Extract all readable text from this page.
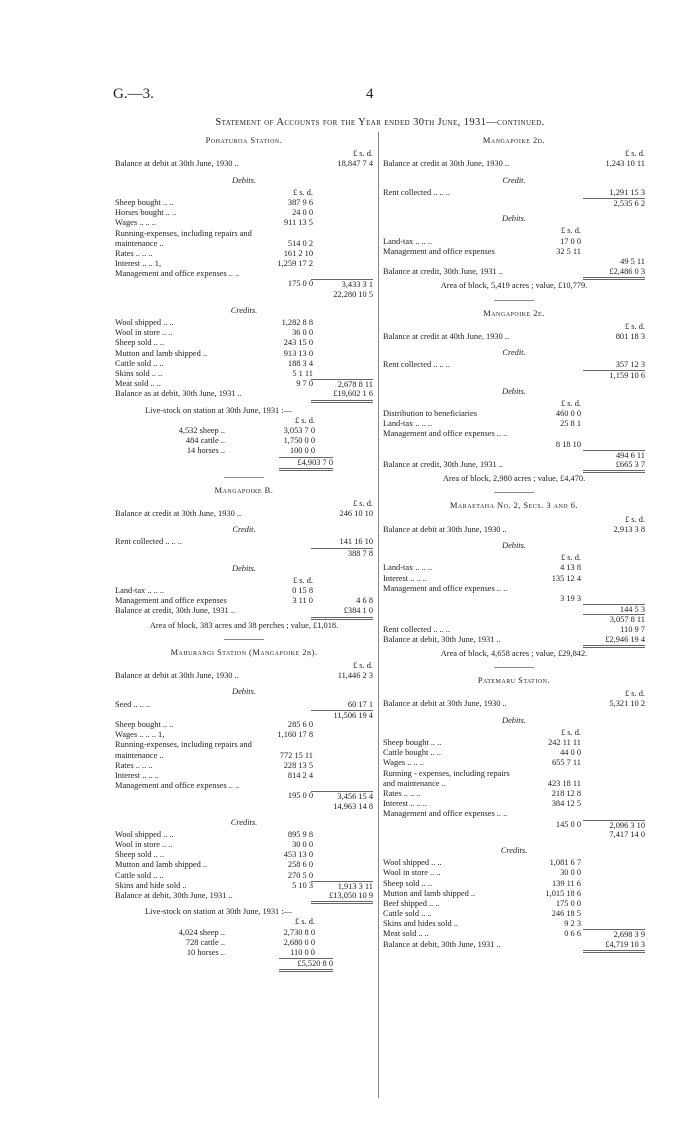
G.—3.	4
Statement of Accounts for the Year ended 30th June, 1931—continued.
Pohaturoa Station.
£ s. d.
Balance at debit at 30th June, 1930 ..	18,847 7 4
Debits.
£ s. d.
Sheep bought .. ..	387 9 6
Horses bought .. ..	24 0 0
Wages .. .. ..	911 13 5
Running-expenses, including repairs and maintenance ..	514 0 2
Rates .. .. ..	161 2 10
Interest .. .. 1,	1,259 17 2
Management and office expenses .. ..
175 0 0	3,433 3 1
22,280 10 5
Credits.
Wool shipped .. ..	1,282 8 8
Wool in store .. ..	36 0 0
Sheep sold .. ..	243 15 0
Mutton and lamb shipped ..	913 13 0
Cattle sold .. ..	188 3 4
Skins sold .. ..	5 1 11
Meat sold .. ..	9 7 0	2,678 8 11
Balance as at debit, 30th June, 1931 ..	£19,602 1 6
Live-stock on station at 30th June, 1931 :—
£ s. d.
4,532 sheep ..	3,053 7 0
484 cattle ..	1,750 0 0
14 horses ..	100 0 0
£4,903 7 0
Mangapoike B.
£ s. d.
Balance at credit at 30th June, 1930 ..	246 10 10
Credit.
Rent collected .. .. ..	141 16 10
388 7 8
Debits.
£ s. d.
Land-tax .. .. ..	0 15 8
Management and office expenses	3 11 0	4 6 8
Balance at credit, 30th June, 1931 ..	£384 1 0
Area of block, 383 acres and 38 perches ; value, £1,018.
Mahurangi Station (Mangapoike 2b).
£ s. d.
Balance at debit at 30th June, 1930 ..	11,446 2 3
Debits.
Seed .. .. ..	60 17 1
11,506 19 4
Sheep bought .. ..	285 6 0
Wages .. .. .. 1,	1,160 17 8
Running-expenses, including repairs and maintenance ..	772 15 11
Rates .. .. ..	228 13 5
Interest .. .. ..	814 2 4
Management and office expenses .. ..
195 0 0	3,456 15 4
14,963 14 8
Credits.
Wool shipped .. ..	895 9 8
Wool in store .. ..	30 0 0
Sheep sold .. ..	453 13 0
Mutton and lamb shipped ..	258 6 0
Cattle sold .. ..	270 5 0
Skins and hide sold ..	5 10 3	1,913 3 11
Balance at debit, 30th June, 1931 ..	£13,050 10 9
Live-stock on station at 30th June, 1931 :—
£ s. d.
4,024 sheep ..	2,730 8 0
728 cattle ..	2,680 0 0
10 horses ..	110 0 0
£5,520 8 0
Mangapoike 2d.
£ s. d.
Balance at credit at 30th June, 1930 ..	1,243 10 11
Credit.
Rent collected .. .. ..	1,291 15 3
2,535 6 2
Debits.
£ s. d.
Land-tax .. .. ..	17 0 0
Management and office expenses	32 5 11
49 5 11
Balance at credit, 30th June, 1931 ..	£2,486 0 3
Area of block, 5,419 acres ; value, £10,779.
Mangapoike 2e.
£ s. d.
Balance at credit at 40th June, 1930 ..	801 18 3
Credit.
Rent collected .. .. ..	357 12 3
1,159 10 6
Debits.
£ s. d.
Distribution to beneficiaries	460 0 0
Land-tax .. .. ..	25 8 1
Management and office expenses .. ..
8 18 10
494 6 11
Balance at credit, 30th June, 1931 ..	£665 3 7
Area of block, 2,980 acres ; value, £4,470.
Maraetaha No. 2, Secs. 3 and 6.
£ s. d.
Balance at debit at 30th June, 1930 ..	2,913 3 8
Debits.
£ s. d.
Land-tax .. .. ..	4 13 8
Interest .. .. ..	135 12 4
Management and office expenses .. ..
3 19 3
144 5 3
3,057 8 11
Rent collected .. .. ..	110 9 7
Balance at debit, 30th June, 1931 ..	£2,946 19 4
Area of block, 4,658 acres ; value, £29,842.
Patemaru Station.
£ s. d.
Balance at debit at 30th June, 1930 ..	5,321 10 2
Debits.
£ s. d.
Sheep bought .. ..	242 11 11
Cattle bought .. ..	44 0 0
Wages .. .. ..	655 7 11
Running - expenses, including repairs and maintenance ..	423 18 11
Rates .. .. ..	218 12 8
Interest .. .. ..	384 12 5
Management and office expenses .. ..
145 0 0	2,096 3 10
7,417 14 0
Credits.
Wool shipped .. ..	1,081 6 7
Wool in store .. ..	30 0 0
Sheep sold .. ..	139 11 6
Mutton and lamb shipped ..	1,015 18 6
Beef shipped .. ..	175 0 0
Cattle sold .. ..	246 18 5
Skins and hides sold ..	9 2 3
Meat sold .. ..	0 6 6	2,698 3 9
Balance at debit, 30th June, 1931 ..	£4,719 10 3
